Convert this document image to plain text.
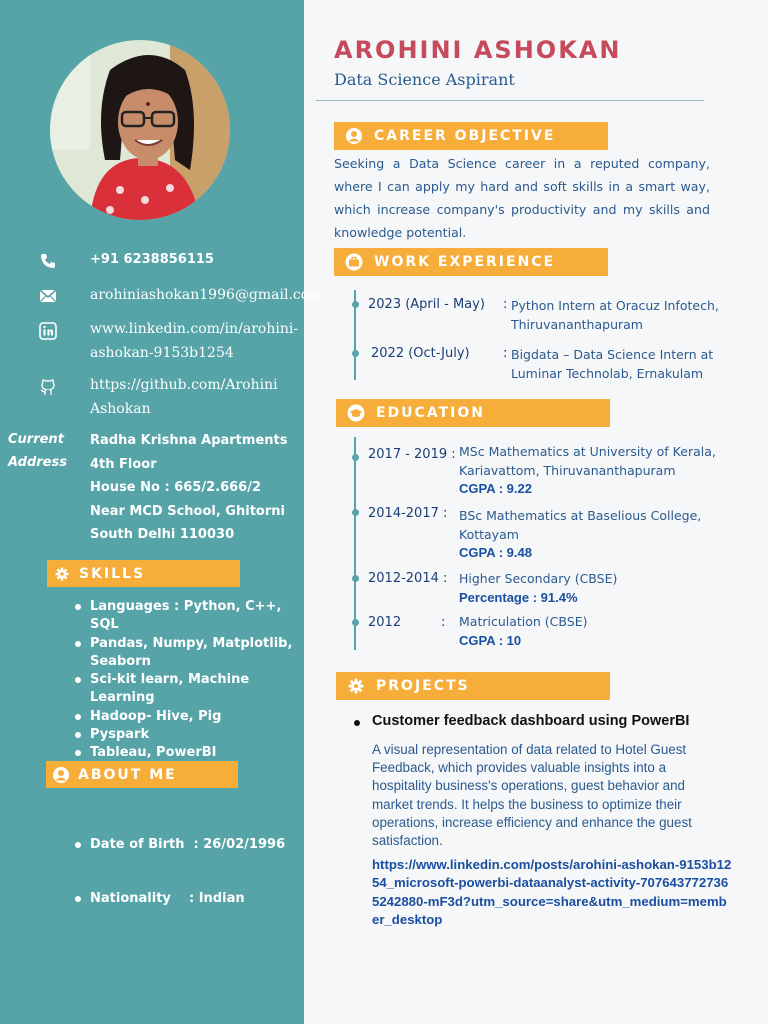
+91 6238856115
arohiniashokan1996@gmail.com
www.linkedin.com/in/arohini-ashokan-9153b1254
https://github.com/Arohini Ashokan
Current
Address
Radha Krishna Apartments
4th Floor
House No : 665/2.666/2
Near MCD School, Ghitorni
South Delhi 110030
SKILLS
Languages : Python, C++, SQL
Pandas, Numpy, Matplotlib, Seaborn
Sci-kit learn, Machine Learning
Hadoop- Hive, Pig
Pyspark
Tableau, PowerBI
ABOUT ME

Date of Birth  : 26/02/1996

Nationality    : Indian

AROHINI ASHOKAN
Data Science Aspirant
CAREER OBJECTIVE
Seeking a Data Science career in a reputed company, where I can apply my hard and soft skills in a smart way, which increase company's productivity and my skills and knowledge potential.
WORK EXPERIENCE
2023 (April - May) : Python Intern at Oracuz Infotech, Thiruvananthapuram
2022 (Oct-July)	: Bigdata – Data Science Intern at Luminar Technolab, Ernakulam
EDUCATION
2017 - 2019 : MSc Mathematics at University of Kerala, Kariavattom, Thiruvananthapuram
CGPA : 9.22
2014-2017 : BSc Mathematics at Baselious College, Kottayam
CGPA : 9.48
2012-2014 : Higher Secondary (CBSE)
Percentage : 91.4%
2012	: Matriculation (CBSE)
CGPA : 10
PROJECTS
Customer feedback dashboard using PowerBI
A visual representation of data related to Hotel Guest Feedback, which provides valuable insights into a hospitality business's operations, guest behavior and market trends. It helps the business to optimize their operations, increase efficiency and enhance the guest satisfaction.
https://www.linkedin.com/posts/arohini-ashokan-9153b1254_microsoft-powerbi-dataanalyst-activity-7076437727365242880-mF3d?utm_source=share&utm_medium=member_desktop
